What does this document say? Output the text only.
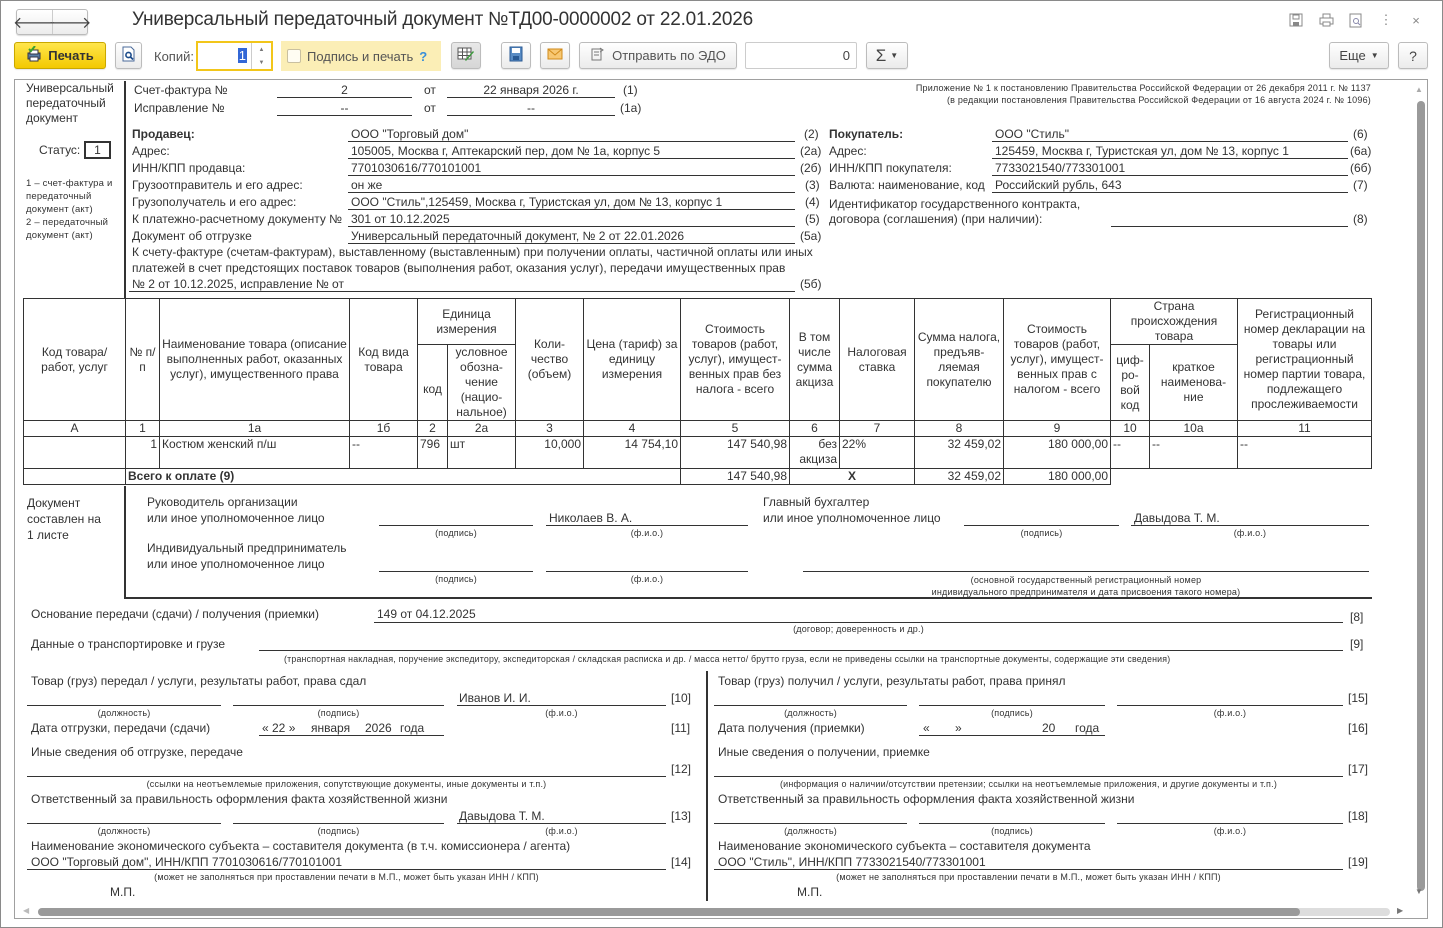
🡐
🡒 Универсальный передаточный документ №ТД00-0000002 от 22.01.2026	⋮	×
Печать	Копий:	1	▲
▼	Подпись и печать ?	Отправить по ЭДО	0	Σ ▼	Еще ▼	?
Универсальный
передаточный
документ
Статус:	1
1 – счет-фактура и
передаточный
документ (акт)
2 – передаточный
документ (акт)
Счет-фактура №	2	от	22 января 2026 г.	(1)
Исправление №	--	от	--	(1а)
Приложение № 1 к постановлению Правительства Российской Федерации от 26 декабря 2011 г. № 1137
(в редакции постановления Правительства Российской Федерации от 16 августа 2024 г. № 1096)
Продавец:	ООО "Торговый дом"	(2)
Адрес:	105005, Москва г, Аптекарский пер, дом № 1а, корпус 5	(2а)
ИНН/КПП продавца:	7701030616/770101001	(2б)
Грузоотправитель и его адрес:	он же	(3)
Грузополучатель и его адрес:	ООО "Стиль",125459, Москва г, Туристская ул, дом № 13, корпус 1	(4)
К платежно-расчетному документу № 301 от 10.12.2025	(5)
Документ об отгрузке	Универсальный передаточный документ, № 2 от 22.01.2026	(5а)
К счету-фактуре (счетам-фактурам), выставленному (выставленным) при получении оплаты, частичной оплаты или иных
платежей в счет предстоящих поставок товаров (выполнения работ, оказания услуг), передачи имущественных прав
№ 2 от 10.12.2025, исправление № от	(5б)
Покупатель:	ООО "Стиль"	(6)
Адрес:	125459, Москва г, Туристская ул, дом № 13, корпус 1	(6а)
ИНН/КПП покупателя:	7733021540/773301001	(6б)
Валюта: наименование, код Российский рубль, 643	(7)
Идентификатор государственного контракта,
договора (соглашения) (при наличии):	(8)
Код товара/ работ, услуг	№ п/п	Наименование товара (описание выполненных работ, оказанных услуг), имущественного права	Код вида товара	Единица измерения		Коли-чество (объем)	Цена (тариф) за единицу измерения	Стоимость товаров (работ, услуг), имущест-венных прав без налога - всего	В том числе сумма акциза	Налоговая ставка	Сумма налога, предъяв-ляемая покупателю	Стоимость товаров (работ, услуг), имущест-венных прав с налогом - всего	Страна происхождения товара		Регистрационный номер декларации на товары или регистрационный номер партии товара, подлежащего прослеживаемости
				код	условное обозна-чение (нацио-нальное)								циф-ро-вой код	краткое наименова-ние	
А	1	1а	1б	2	2а	3	4	5	6	7	8	9	10	10а	11
	1	Костюм женский п/ш	--	796	шт	10,000	14 754,10	147 540,98	без акциза	22%	32 459,02	180 000,00	--	--	--
	Всего к оплате (9)							147 540,98	Х		32 459,02	180 000,00			
Документ
составлен на
1 листе
Руководитель организации
или иное уполномоченное лицо
(подпись)
Николаев В. А.
(ф.и.о.)
Индивидуальный предприниматель
или иное уполномоченное лицо
(подпись)	(ф.и.о.)
Главный бухгалтер
или иное уполномоченное лицо
(подпись)
Давыдова Т. М.
(ф.и.о.)
(основной государственный регистрационный номер
индивидуального предпринимателя и дата присвоения такого номера)
Основание передачи (сдачи) / получения (приемки)	149 от 04.12.2025	[8]
(договор; доверенность и др.)
Данные о транспортировке и грузе	[9]
(транспортная накладная, поручение экспедитору, экспедиторская / складская расписка и др. / масса нетто/ брутто груза, если не приведены ссылки на транспортные документы, содержащие эти сведения)
Товар (груз) передал / услуги, результаты работ, права сдал
Иванов И. И.	[10]
(должность)	(подпись)	(ф.и.о.)
Дата отгрузки, передачи (сдачи)	« 22 » января 2026 года	[11]
Иные сведения об отгрузке, передаче
[12]
(ссылки на неотъемлемые приложения, сопутствующие документы, иные документы и т.п.)
Ответственный за правильность оформления факта хозяйственной жизни
Давыдова Т. М.	[13]
(должность)	(подпись)	(ф.и.о.)
Наименование экономического субъекта – составителя документа (в т.ч. комиссионера / агента)
ООО "Торговый дом", ИНН/КПП 7701030616/770101001	[14]
(может не заполняться при проставлении печати в М.П., может быть указан ИНН / КПП)
М.П.
Товар (груз) получил / услуги, результаты работ, права принял
[15]
(должность)	(подпись)	(ф.и.о.)
Дата получения (приемки)	« »	20 года	[16]
Иные сведения о получении, приемке
[17]
(информация о наличии/отсутствии претензии; ссылки на неотъемлемые приложения, и другие документы и т.п.)
Ответственный за правильность оформления факта хозяйственной жизни
[18]
(должность)	(подпись)	(ф.и.о.)
Наименование экономического субъекта – составителя документа
ООО "Стиль", ИНН/КПП 7733021540/773301001	[19]
(может не заполняться при проставлении печати в М.П., может быть указан ИНН / КПП)
М.П.
▲
▼
◀	▶
